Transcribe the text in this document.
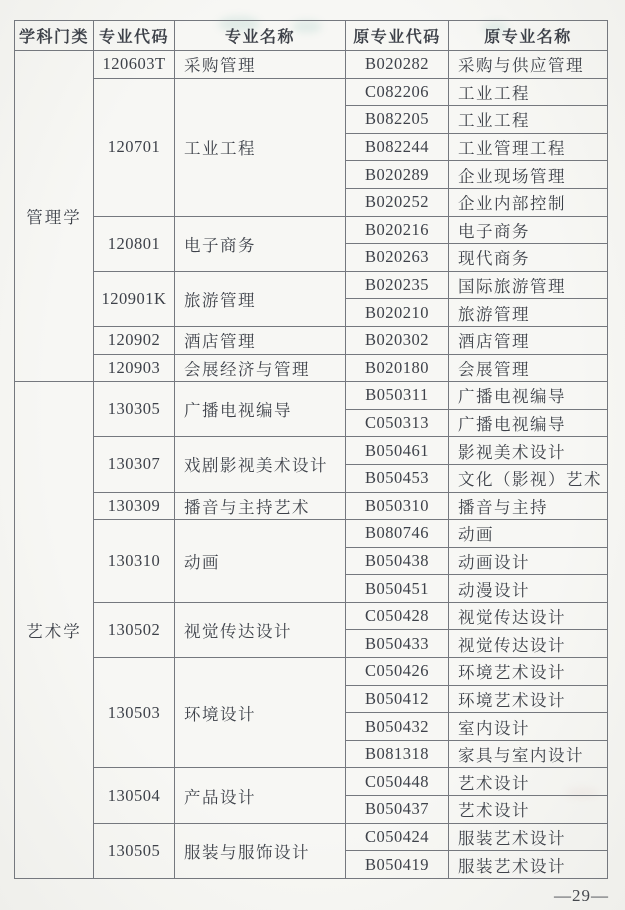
学科门类	专业代码	专业名称	原专业代码	原专业名称
管理学	120603T	采购管理	B020282	采购与供应管理
	120701	工业工程	C082206	工业工程
			B082205	工业工程
			B082244	工业管理工程
			B020289	企业现场管理
			B020252	企业内部控制
	120801	电子商务	B020216	电子商务
			B020263	现代商务
	120901K	旅游管理	B020235	国际旅游管理
			B020210	旅游管理
	120902	酒店管理	B020302	酒店管理
	120903	会展经济与管理	B020180	会展管理
艺术学	130305	广播电视编导	B050311	广播电视编导
			C050313	广播电视编导
	130307	戏剧影视美术设计	B050461	影视美术设计
			B050453	文化（影视）艺术
	130309	播音与主持艺术	B050310	播音与主持
	130310	动画	B080746	动画
			B050438	动画设计
			B050451	动漫设计
	130502	视觉传达设计	C050428	视觉传达设计
			B050433	视觉传达设计
	130503	环境设计	C050426	环境艺术设计
			B050412	环境艺术设计
			B050432	室内设计
			B081318	家具与室内设计
	130504	产品设计	C050448	艺术设计
			B050437	艺术设计
	130505	服装与服饰设计	C050424	服装艺术设计
			B050419	服装艺术设计
—29—
